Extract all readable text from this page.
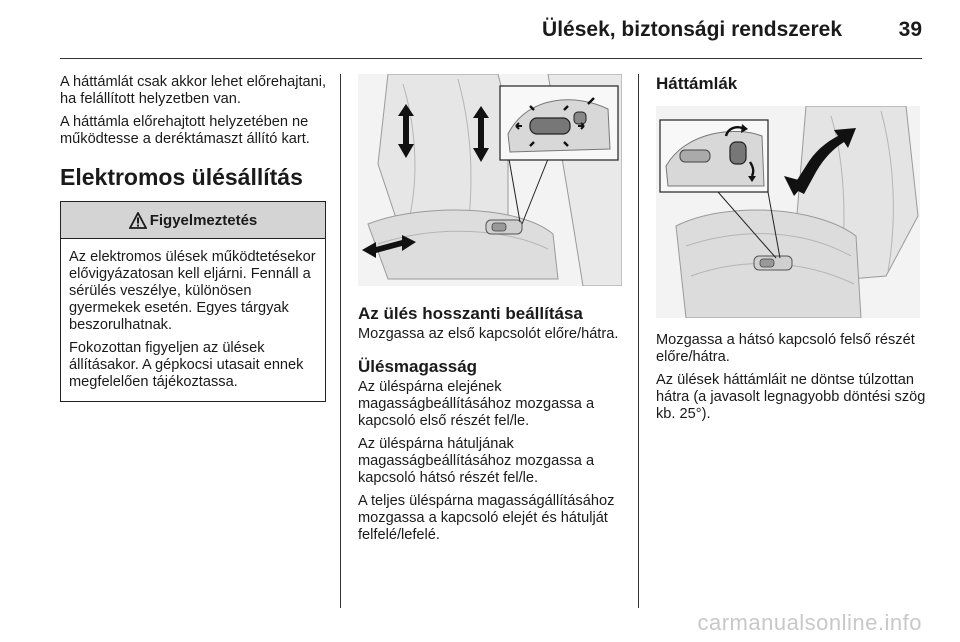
Ülések, biztonsági rendszerek	39

A háttámlát csak akkor lehet előrehajtani, ha felállított helyzetben van.

A háttámla előrehajtott helyzetében ne működtesse a deréktámaszt állító kart.

Elektromos ülésállítás
Figyelmeztetés

Az elektromos ülések működtetésekor elővigyázatosan kell eljárni. Fennáll a sérülés veszélye, különösen gyermekek esetén. Egyes tárgyak beszorulhatnak.

Fokozottan figyeljen az ülések állításakor. A gépkocsi utasait ennek megfelelően tájékoztassa.

Az ülés hosszanti beállítása

Mozgassa az első kapcsolót előre/hátra.

Ülésmagasság

Az üléspárna elejének magasságbeállításához mozgassa a kapcsoló első részét fel/le.

Az üléspárna hátuljának magasságbeállításához mozgassa a kapcsoló hátsó részét fel/le.

A teljes üléspárna magasságállításához mozgassa a kapcsoló elejét és hátulját felfelé/lefelé.

Háttámlák

Mozgassa a hátsó kapcsoló felső részét előre/hátra.

Az ülések háttámláit ne döntse túlzottan hátra (a javasolt legnagyobb döntési szög kb. 25°).

carmanualsonline.info
